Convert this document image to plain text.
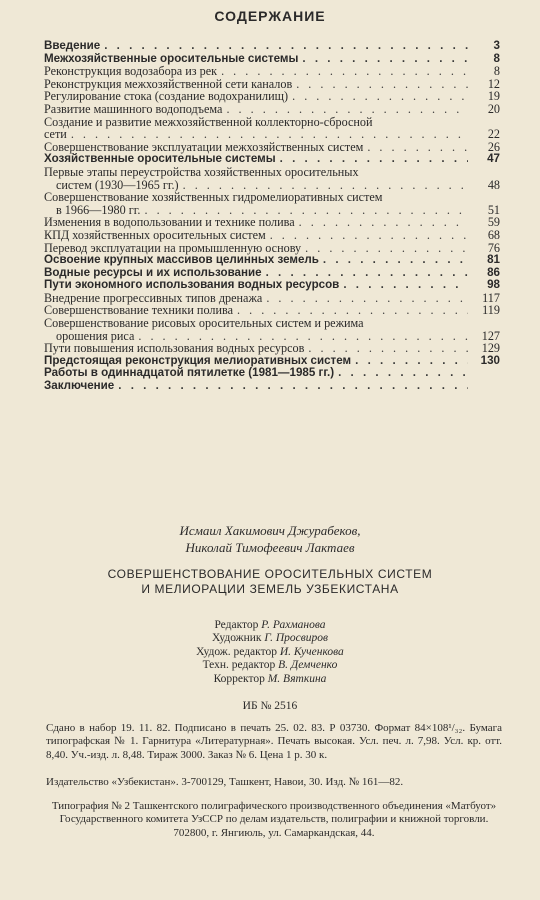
СОДЕРЖАНИЕ
Введение . . .	3
Межхозяйственные оросительные системы . . .	8
Реконструкция водозабора из рек . . .	8
Реконструкция межхозяйственной сети каналов . . .	12
Регулирование стока (создание водохранилищ) . . .	19
Развитие машинного водоподъема . . .	20
Создание и развитие межхозяйственной коллекторно-сбросной
сети . . .	22
Совершенствование эксплуатации межхозяйственных систем . . .	26
Хозяйственные оросительные системы . . .	47
Первые этапы переустройства хозяйственных оросительных
систем (1930—1965 гг.) . . .	48
Совершенствование хозяйственных гидромелиоративных систем
в 1966—1980 гг. . . .	51
Изменения в водопользовании и технике полива . . .	59
КПД хозяйственных оросительных систем . . .	68
Перевод эксплуатации на промышленную основу . . .	76
Освоение крупных массивов целинных земель . . .	81
Водные ресурсы и их использование . . .	86
Пути экономного использования водных ресурсов . . .	98
Внедрение прогрессивных типов дренажа . . .	117
Совершенствование техники полива . . .	119
Совершенствование рисовых оросительных систем и режима
орошения риса . . .	127
Пути повышения использования водных ресурсов . . .	129
Предстоящая реконструкция мелиоративных систем . . .	130
Работы в одиннадцатой пятилетке (1981—1985 гг.)
. . .
Заключение
. . .
Исмаил Хакимович Джурабеков,
Николай Тимофеевич Лактаев
СОВЕРШЕНСТВОВАНИЕ ОРОСИТЕЛЬНЫХ СИСТЕМ
И МЕЛИОРАЦИИ ЗЕМЕЛЬ УЗБЕКИСТАНА
Редактор Р. Рахманова
Художник Г. Просвиров
Худож. редактор И. Кученкова
Техн. редактор В. Демченко
Корректор М. Вяткина
ИБ № 2516
Сдано в набор 19. 11. 82. Подписано в печать 25. 02. 83. Р 03730. Формат 84×108¹/₃₂. Бумага типографская № 1. Гарнитура «Литературная». Печать высокая. Усл. печ. л. 7,98. Усл. кр. отт. 8,40. Уч.-изд. л. 8,48. Тираж 3000. Заказ № 6. Цена 1 р. 30 к.
Издательство «Узбекистан». 3-700129, Ташкент, Навои, 30. Изд. № 161—82.
Типография № 2 Ташкентского полиграфического производственного объединения «Матбуот» Государственного комитета УзССР по делам издательств, полиграфии и книжной торговли. 702800, г. Янгиюль, ул. Самаркандская, 44.
